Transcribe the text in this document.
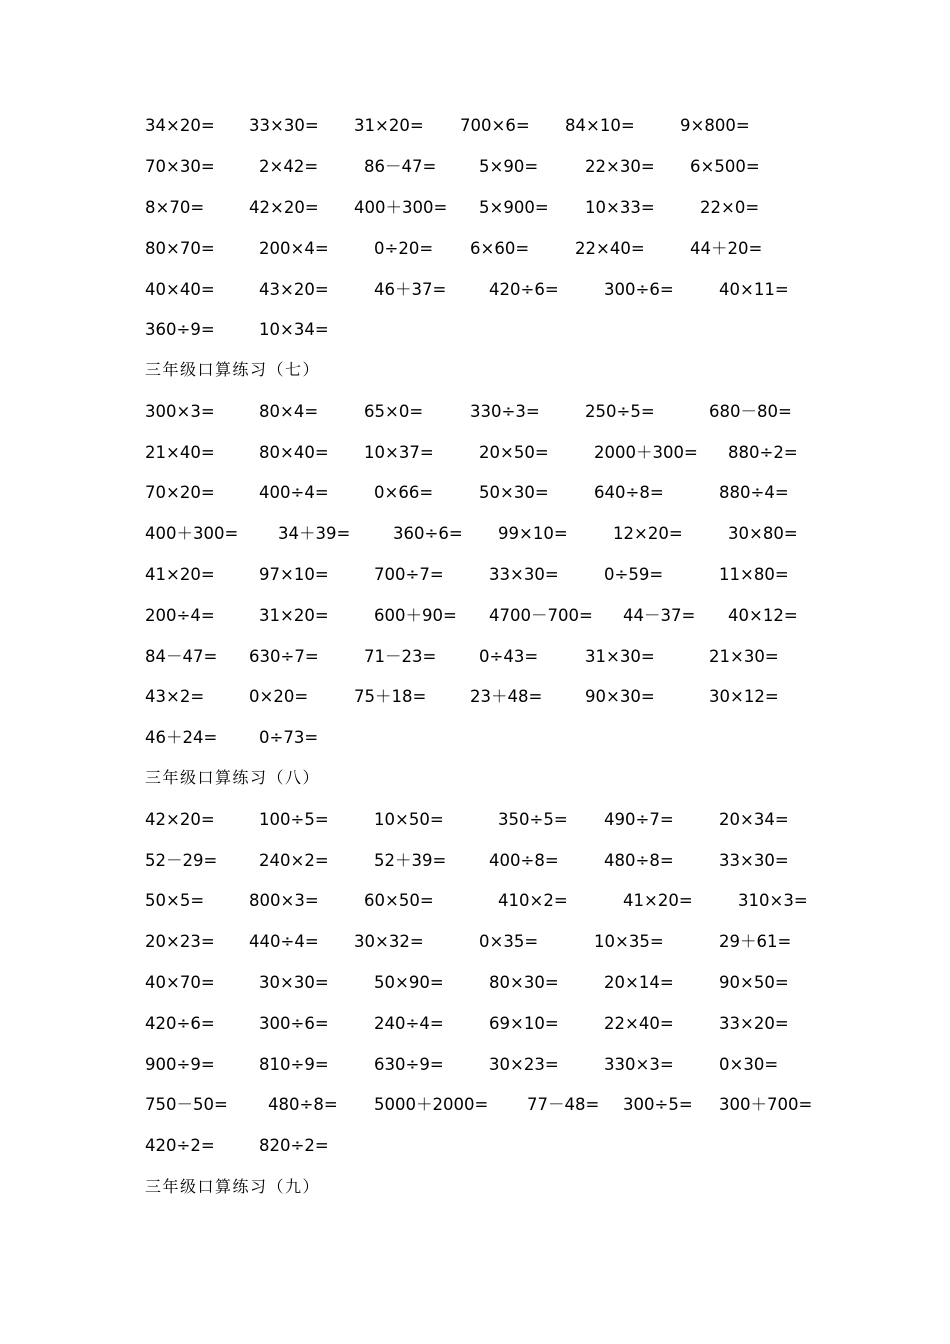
34×20= 33×30= 31×20= 700×6= 84×10=	9×800=
70×30=	2×42=	86－47=	5×90=	22×30= 6×500=
8×70=	42×20= 400＋300= 5×900= 10×33=	22×0=
80×70=	200×4=	0÷20= 6×60=	22×40=	44＋20=
40×40=	43×20=	46＋37=	420÷6=	300÷6=	40×11=
360÷9=	10×34=
三年级口算练习（七）
300×3=	80×4=	65×0=	330÷3=	250÷5=	680－80=
21×40=	80×40= 10×37=	20×50=	2000＋300= 880÷2=
70×20=	400÷4=	0×66=	50×30=	640÷8=	880÷4=
400＋300= 34＋39=	360÷6= 99×10=	12×20=	30×80=
41×20=	97×10=	700÷7=	33×30=	0÷59=	11×80=
200÷4=	31×20=	600＋90= 4700－700= 44－37= 40×12=
84－47= 630÷7=	71－23=	0÷43=	31×30=	21×30=
43×2=	0×20=	75＋18=	23＋48=	90×30=	30×12=
46＋24=	0÷73=
三年级口算练习（八）
42×20=	100÷5=	10×50=	350÷5= 490÷7=	20×34=
52－29=	240×2=	52＋39=	400÷8=	480÷8=	33×30=
50×5=	800×3=	60×50=	410×2=	41×20=	310×3=
20×23= 440÷4= 30×32=	0×35=	10×35=	29＋61=
40×70=	30×30=	50×90=	80×30=	20×14=	90×50=
420÷6=	300÷6=	240÷4=	69×10=	22×40=	33×20=
900÷9=	810÷9=	630÷9=	30×23=	330×3=	0×30=
750－50= 480÷8= 5000＋2000= 77－48= 300÷5= 300＋700=
420÷2=	820÷2=
三年级口算练习（九）
